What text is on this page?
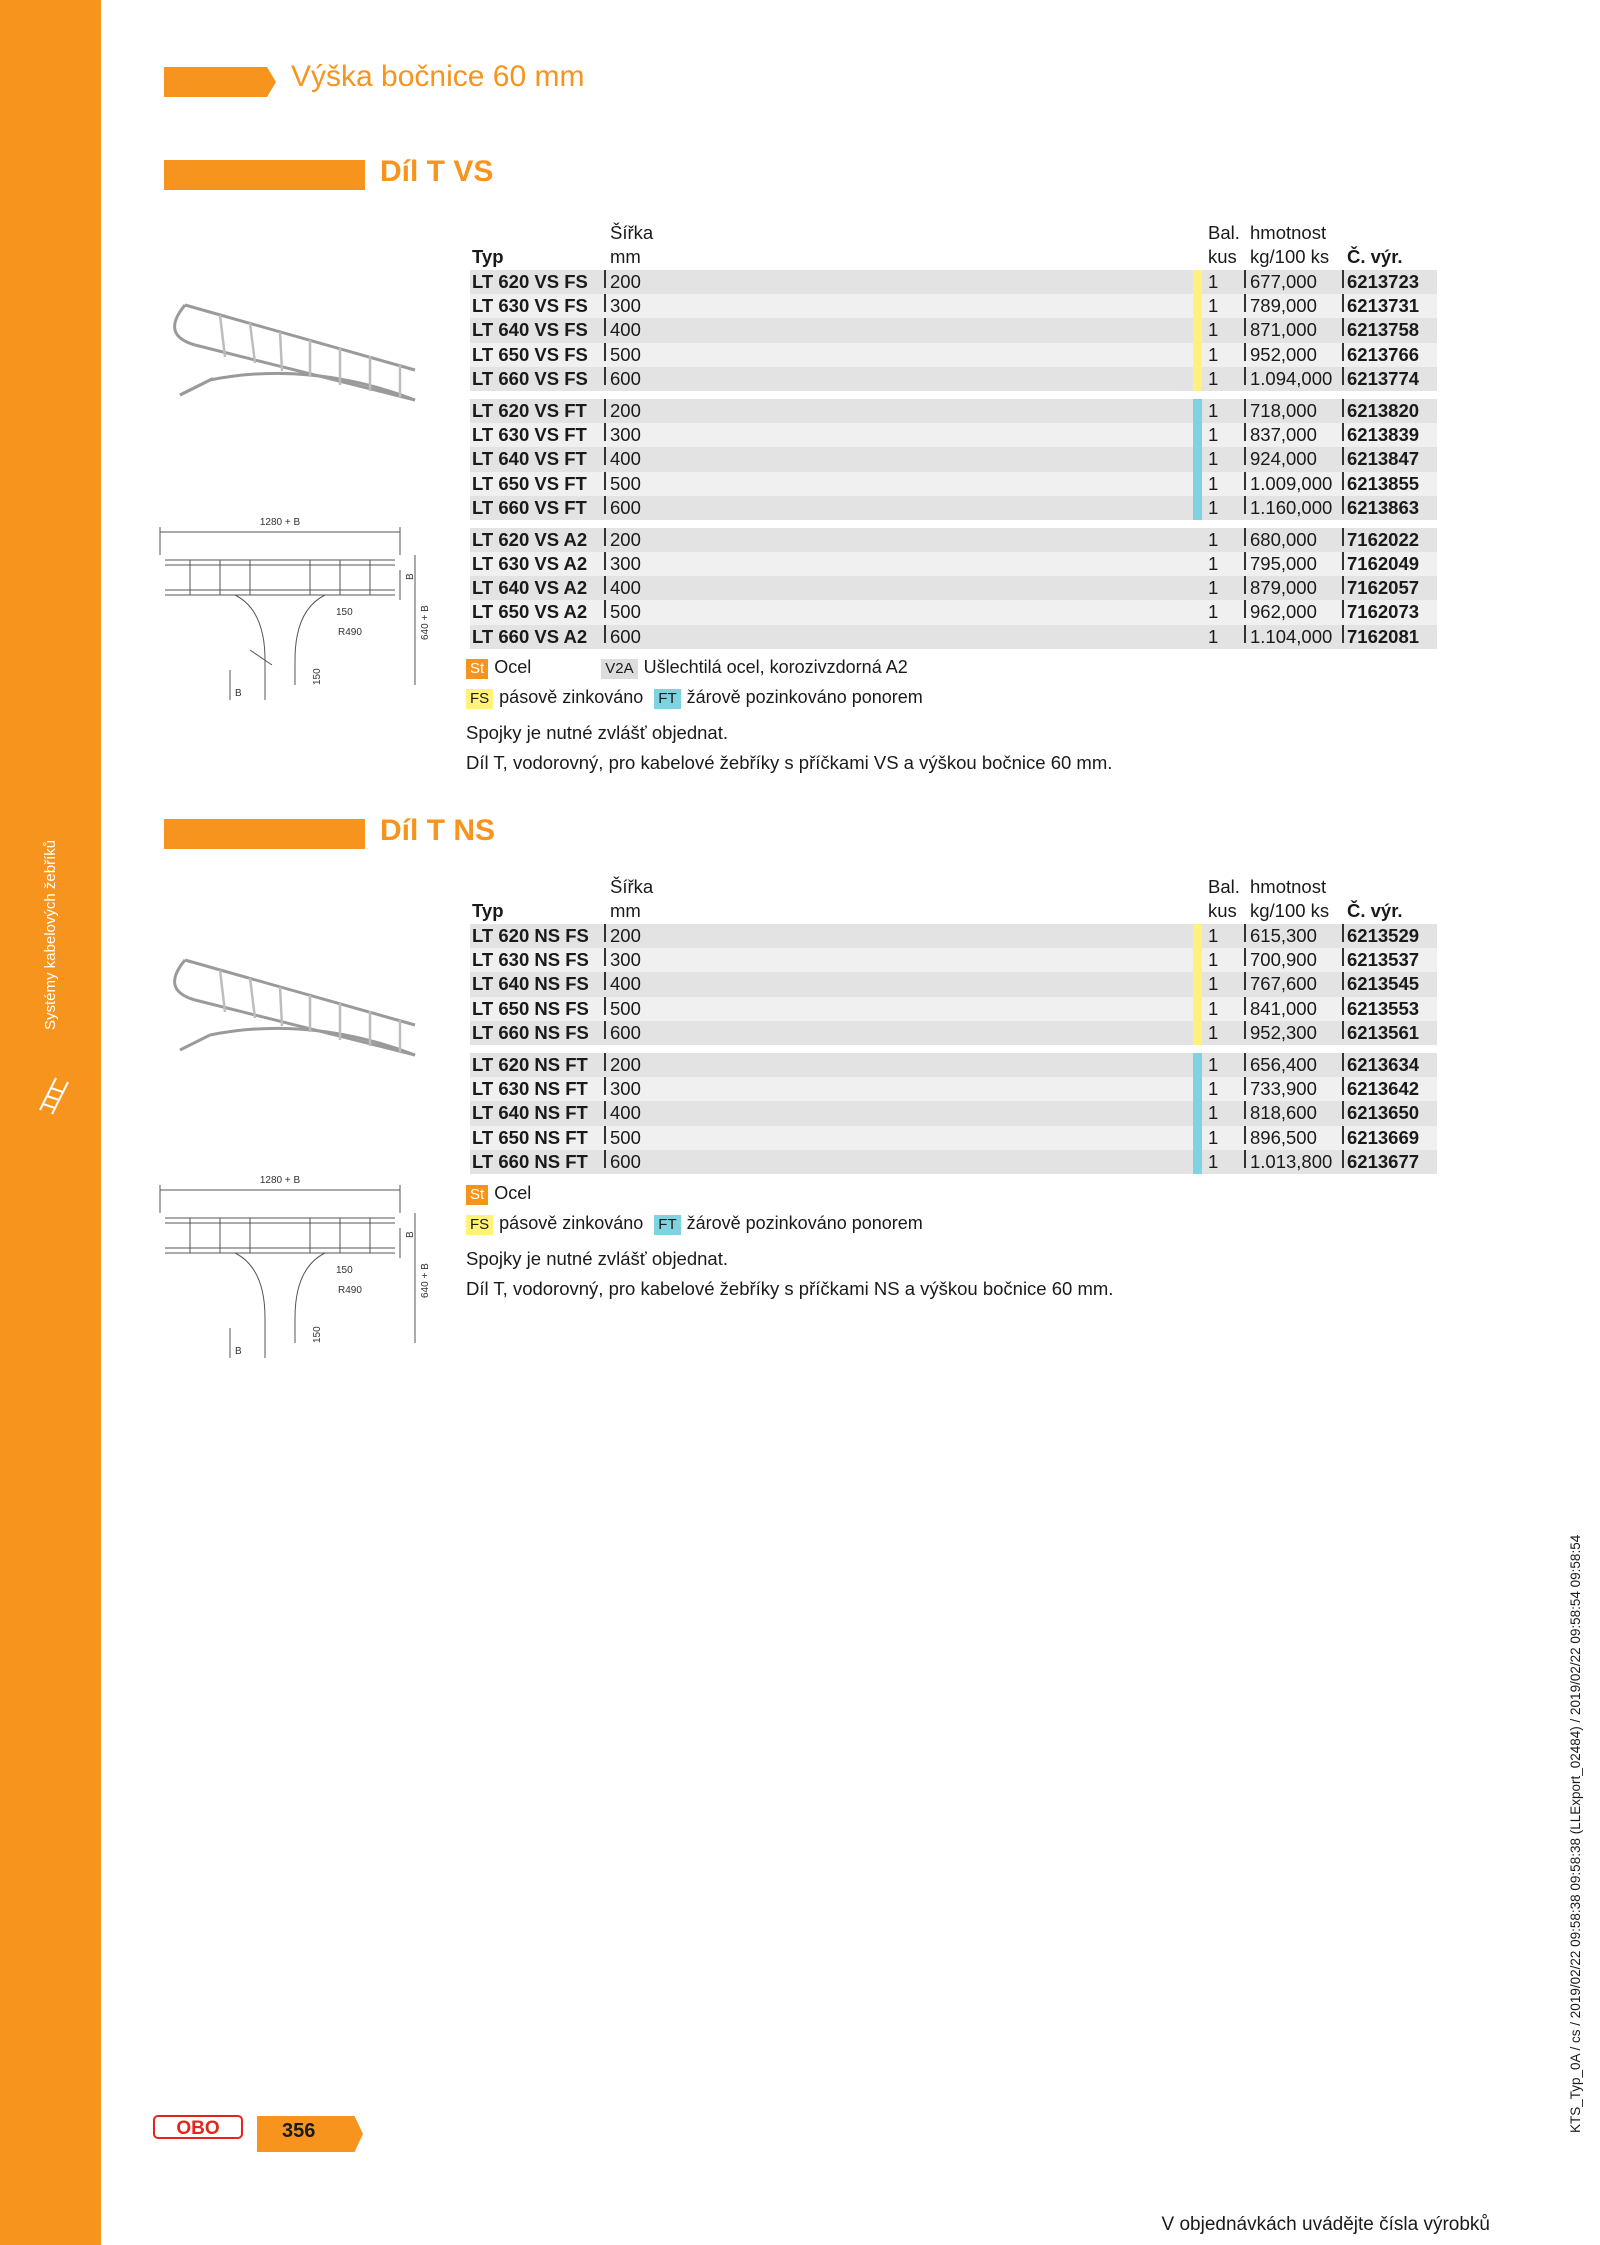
Systémy kabelových žebříků
Výška bočnice 60 mm
Díl T VS
1280 + B
B
150
R490	640 + B
B
150
Typ
Šířka
mm
Bal.
kus
hmotnost
kg/100 ks Č. výr.
LT 620 VS FS	200	1 677,000 6213723
LT 630 VS FS	300	1 789,000 6213731
LT 640 VS FS	400	1 871,000 6213758
LT 650 VS FS	500	1 952,000 6213766
LT 660 VS FS	600	1 1.094,000 6213774
LT 620 VS FT	200	1 718,000 6213820
LT 630 VS FT	300	1 837,000 6213839
LT 640 VS FT	400	1 924,000 6213847
LT 650 VS FT	500	1 1.009,000 6213855
LT 660 VS FT	600	1 1.160,000 6213863
LT 620 VS A2	200	1 680,000 7162022
LT 630 VS A2	300	1 795,000 7162049
LT 640 VS A2	400	1 879,000 7162057
LT 650 VS A2	500	1 962,000 7162073
LT 660 VS A2	600	1 1.104,000 7162081
St Ocel	V2A Ušlechtilá ocel, korozivzdorná A2
FS pásově zinkováno FT žárově pozinkováno ponorem
Spojky je nutné zvlášť objednat.
Díl T, vodorovný, pro kabelové žebříky s příčkami VS a výškou bočnice 60 mm.
Díl T NS
1280 + B
B
150
R490	640 + B
B
150
Typ
Šířka
mm
Bal.
kus
hmotnost
kg/100 ks Č. výr.
LT 620 NS FS	200	1 615,300 6213529
LT 630 NS FS	300	1 700,900 6213537
LT 640 NS FS	400	1 767,600 6213545
LT 650 NS FS	500	1 841,000 6213553
LT 660 NS FS	600	1 952,300 6213561
LT 620 NS FT	200	1 656,400 6213634
LT 630 NS FT	300	1 733,900 6213642
LT 640 NS FT	400	1 818,600 6213650
LT 650 NS FT	500	1 896,500 6213669
LT 660 NS FT	600	1 1.013,800 6213677
St Ocel
FS pásově zinkováno FT žárově pozinkováno ponorem
Spojky je nutné zvlášť objednat.
Díl T, vodorovný, pro kabelové žebříky s příčkami NS a výškou bočnice 60 mm.
OBO	356
V objednávkách uvádějte čísla výrobků
KTS_Typ_0A / cs / 2019/02/22 09:58:38 09:58:38 (LLExport_02484) / 2019/02/22 09:58:54 09:58:54
